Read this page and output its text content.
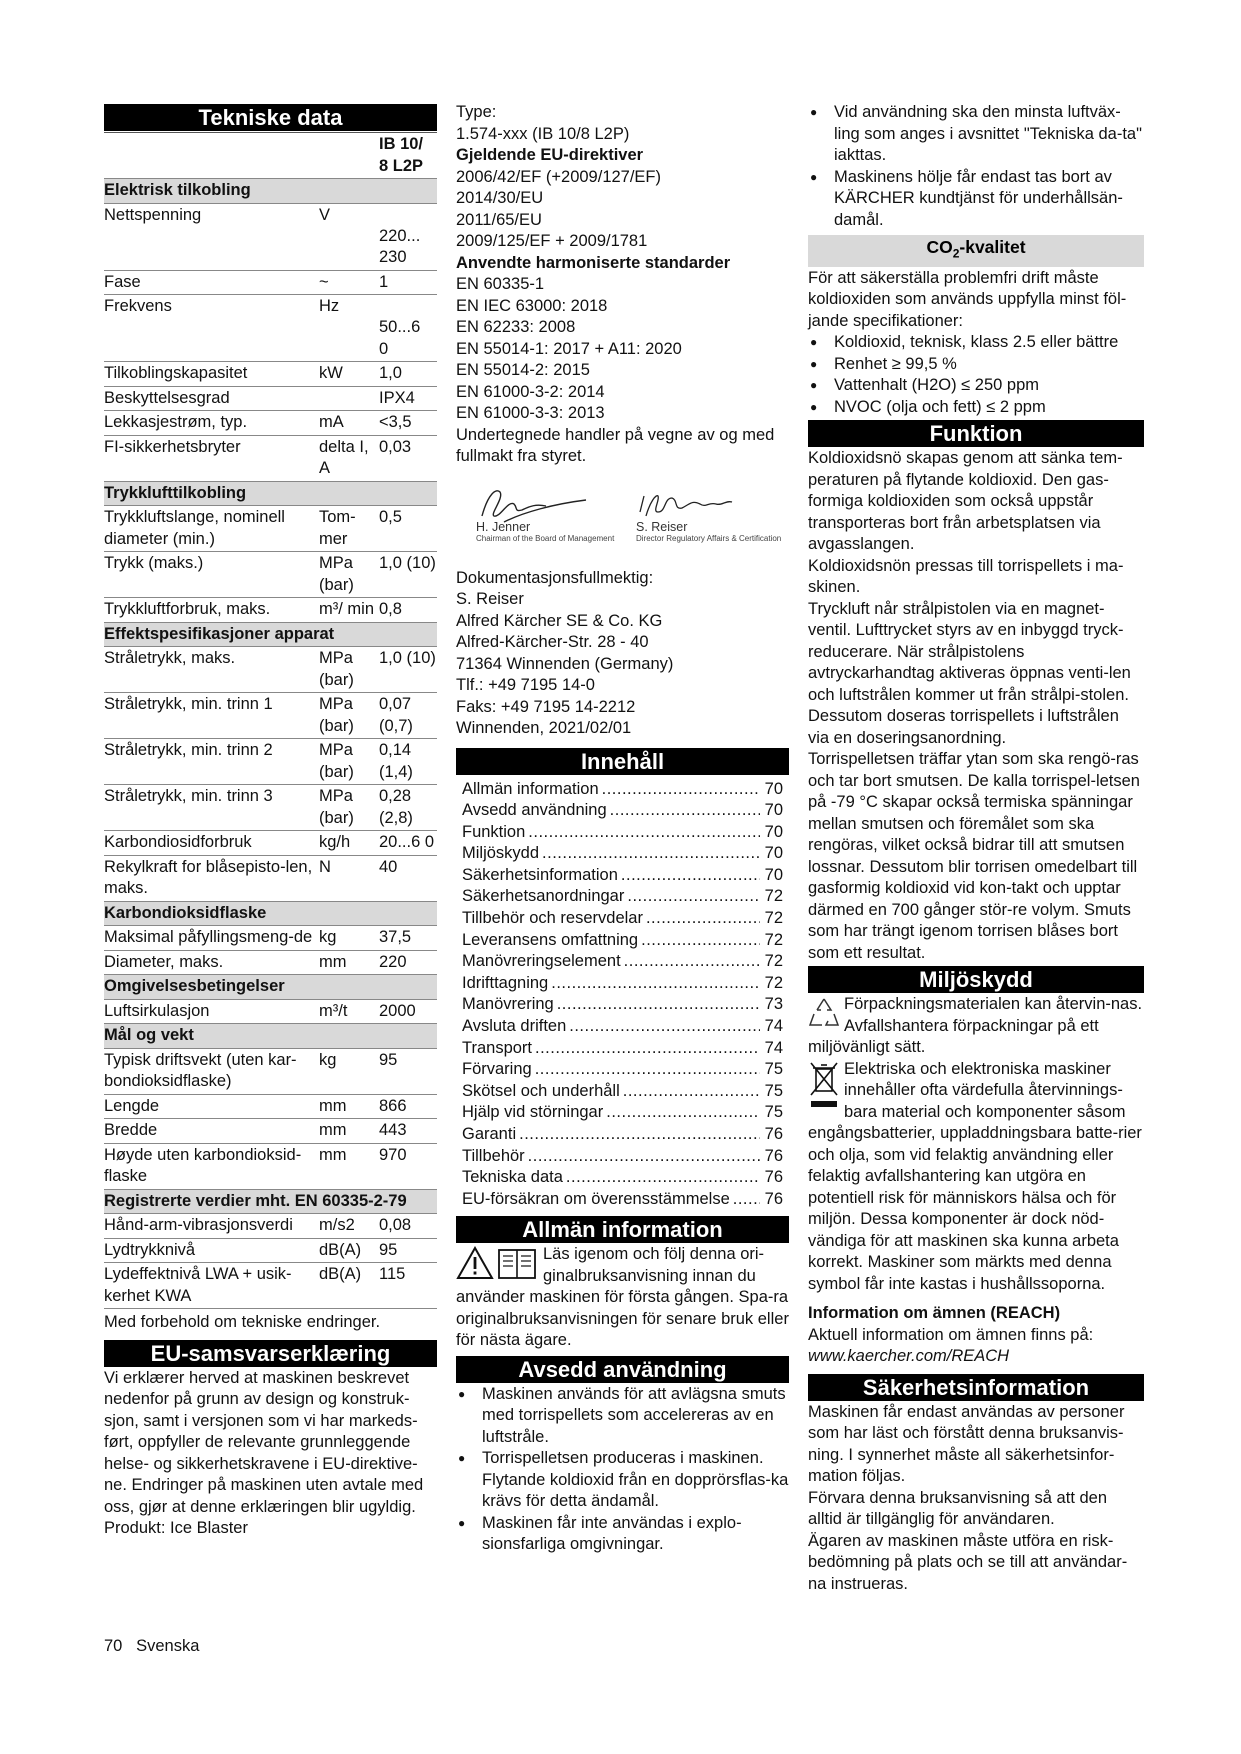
Tekniske data
		IB 10/
8 L2P
Elektrisk tilkobling		
Nettspenning	V	220...
230
Fase	~	1
Frekvens	Hz	50...6
0
Tilkoblingskapasitet	kW	1,0
Beskyttelsesgrad		IPX4
Lekkasjestrøm, typ.	mA	<3,5
FI-sikkerhetsbryter	delta I, A	0,03
Trykklufttilkobling		
Trykkluftslange, nominell diameter (min.)	Tom-mer	0,5
Trykk (maks.)	MPa (bar)	1,0 (10)
Trykkluftforbruk, maks.	m³/ min	0,8
Effektspesifikasjoner apparat		
Stråletrykk, maks.	MPa (bar)	1,0 (10)
Stråletrykk, min. trinn 1	MPa (bar)	0,07 (0,7)
Stråletrykk, min. trinn 2	MPa (bar)	0,14 (1,4)
Stråletrykk, min. trinn 3	MPa (bar)	0,28 (2,8)
Karbondiosidforbruk	kg/h	20...6 0
Rekylkraft for blåsepisto-len, maks.	N	40
Karbondioksidflaske		
Maksimal påfyllingsmeng-de	kg	37,5
Diameter, maks.	mm	220
Omgivelsesbetingelser		
Luftsirkulasjon	m³/t	2000
Mål og vekt		
Typisk driftsvekt (uten kar-bondioksidflaske)	kg	95
Lengde	mm	866
Bredde	mm	443
Høyde uten karbondioksid-flaske	mm	970
Registrerte verdier mht. EN 60335-2-79		
Hånd-arm-vibrasjonsverdi	m/s2	0,08
Lydtrykknivå	dB(A)	95
Lydeffektnivå LWA + usik-kerhet KWA	dB(A)	115

Med forbehold om tekniske endringer.

EU-samsvarserklæring

Vi erklærer herved at maskinen beskrevet nedenfor på grunn av design og konstruk-sjon, samt i versjonen som vi har markeds-ført, oppfyller de relevante grunnleggende helse- og sikkerhetskravene i EU-direktive-ne. Endringer på maskinen uten avtale med oss, gjør at denne erklæringen blir ugyldig.

Produkt: Ice Blaster

Type:

1.574-xxx (IB 10/8 L2P)

Gjeldende EU-direktiver

2006/42/EF (+2009/127/EF)

2014/30/EU

2011/65/EU

2009/125/EF + 2009/1781

Anvendte harmoniserte standarder

EN 60335-1

EN IEC 63000: 2018

EN 62233: 2008

EN 55014-1: 2017 + A11: 2020

EN 55014-2: 2015

EN 61000-3-2: 2014

EN 61000-3-3: 2013

Undertegnede handler på vegne av og med fullmakt fra styret.

H. Jenner
Chairman of the Board of Management
S. Reiser
Director Regulatory Affairs & Certification

Dokumentasjonsfullmektig:

S. Reiser

Alfred Kärcher SE & Co. KG

Alfred-Kärcher-Str. 28 - 40

71364 Winnenden (Germany)

Tlf.: +49 7195 14-0

Faks: +49 7195 14-2212

Winnenden, 2021/02/01

Innehåll
Allmän information .....	70
Avsedd användning .....	70
Funktion .....	70
Miljöskydd .....	70
Säkerhetsinformation .....	70
Säkerhetsanordningar .....	72
Tillbehör och reservdelar .....	72
Leveransens omfattning .....	72
Manövreringselement .....	72
Idrifttagning .....	72
Manövrering .....	73
Avsluta driften .....	74
Transport .....	74
Förvaring .....	75
Skötsel och underhåll .....	75
Hjälp vid störningar .....	75
Garanti .....	76
Tillbehör .....	76
Tekniska data .....	76
EU-försäkran om överensstämmelse ..... 76
Allmän information

Läs igenom och följ denna ori-ginalbruksanvisning innan du använder maskinen för första gången. Spa-ra originalbruksanvisningen för senare bruk eller för nästa ägare.

Avsedd användning
● Maskinen används för att avlägsna smuts med torrispellets som accelereras av en luftstråle.
● Torrispelletsen produceras i maskinen. Flytande koldioxid från en dopprörsflas-ka krävs för detta ändamål.
● Maskinen får inte användas i explo-sionsfarliga omgivningar.
● Vid användning ska den minsta luftväx-ling som anges i avsnittet "Tekniska da-ta" iakttas.
● Maskinens hölje får endast tas bort av KÄRCHER kundtjänst för underhållsän-damål.
$CO_2$-kvalitet

För att säkerställa problemfri drift måste koldioxiden som används uppfylla minst föl-jande specifikationer:

● Koldioxid, teknisk, klass 2.5 eller bättre
● Renhet ≥ 99,5 %
● Vattenhalt (H2O) ≤ 250 ppm
● NVOC (olja och fett) ≤ 2 ppm
Funktion

Koldioxidsnö skapas genom att sänka tem-peraturen på flytande koldioxid. Den gas-formiga koldioxiden som också uppstår transporteras bort från arbetsplatsen via avgasslangen.

Koldioxidsnön pressas till torrispellets i ma-skinen.

Tryckluft når strålpistolen via en magnet-ventil. Lufttrycket styrs av en inbyggd tryck-reducerare. När strålpistolens avtryckarhandtag aktiveras öppnas venti-len och luftstrålen kommer ut från strålpi-stolen. Dessutom doseras torrispellets i luftstrålen via en doseringsanordning.

Torrispelletsen träffar ytan som ska rengö-ras och tar bort smutsen. De kalla torrispel-letsen på -79 °C skapar också termiska spänningar mellan smutsen och föremålet som ska rengöras, vilket också bidrar till att smutsen lossnar. Dessutom blir torrisen omedelbart till gasformig koldioxid vid kon-takt och upptar därmed en 700 gånger stör-re volym. Smuts som har trängt igenom torrisen blåses bort som ett resultat.

Miljöskydd

Förpackningsmaterialen kan återvin-nas. Avfallshantera förpackningar på ett miljövänligt sätt.

Elektriska och elektroniska maskiner innehåller ofta värdefulla återvinnings-bara material och komponenter såsom engångsbatterier, uppladdningsbara batte-rier och olja, som vid felaktig användning eller felaktig avfallshantering kan utgöra en potentiell risk för människors hälsa och för miljön. Dessa komponenter är dock nöd-vändiga för att maskinen ska kunna arbeta korrekt. Maskiner som märkts med denna symbol får inte kastas i hushållssoporna.

Information om ämnen (REACH)

Aktuell information om ämnen finns på:

www.kaercher.com/REACH

Säkerhetsinformation

Maskinen får endast användas av personer som har läst och förstått denna bruksanvis-ning. I synnerhet måste all säkerhetsinfor-mation följas.

Förvara denna bruksanvisning så att den alltid är tillgänglig för användaren.

Ägaren av maskinen måste utföra en risk-bedömning på plats och se till att användar-na instrueras.

70 Svenska
